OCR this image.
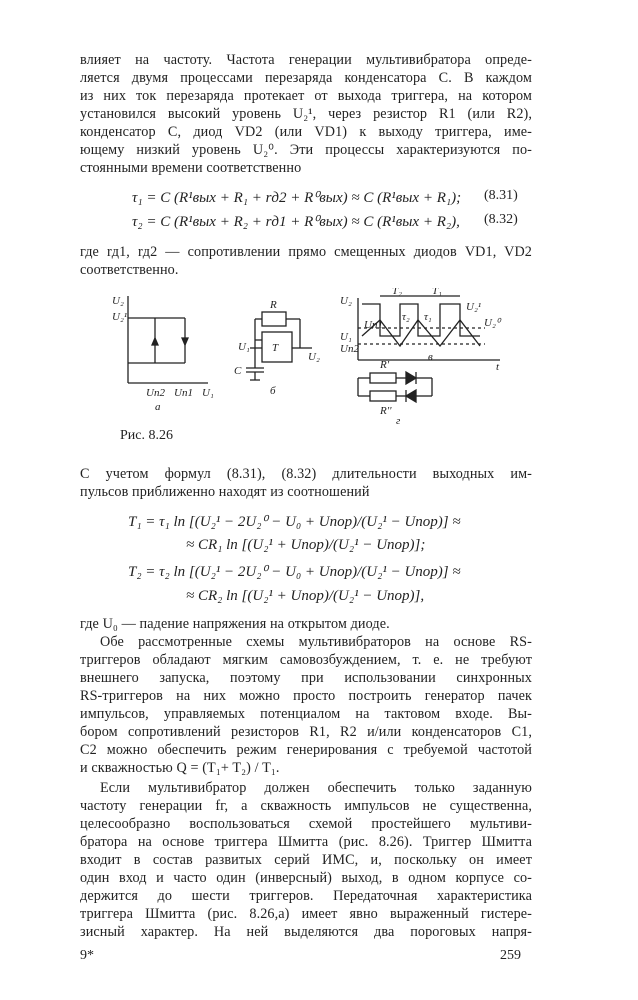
влияет на частоту. Частота генерации мультивибратора опреде-
ляется двумя процессами перезаряда конденсатора C. В каждом
из них ток перезаряда протекает от выхода триггера, на котором
установился высокий уровень U₂¹, через резистор R1 (или R2),
конденсатор C, диод VD2 (или VD1) к выходу триггера, име-
ющему низкий уровень U₂⁰. Эти процессы характеризуются по-
стоянными времени соответственно
τ₁ = C (R¹вых + R₁ + rд2 + R⁰вых) ≈ C (R¹вых + R₁); (8.31)
τ₂ = C (R¹вых + R₂ + rд1 + R⁰вых) ≈ C (R¹вых + R₂), (8.32)
где rд1, rд2 — сопротивлении прямо смещенных диодов VD1, VD2
соответственно.
U₂
U₂¹
Uп2 Uп1 U₁
а
R
T
U₁
U₂
C
б
U₂
T₂	T₁
Uп1
U₁
Uп2
τ₂ τ₁
U₂¹
U₂⁰
t
в
R'
R''
г
Рис. 8.26
С учетом формул (8.31), (8.32) длительности выходных им-
пульсов приближенно находят из соотношений
T₁ = τ₁ ln [(U₂¹ − 2U₂⁰ − U₀ + Uпор)/(U₂¹ − Uпор)] ≈
≈ CR₁ ln [(U₂¹ + Uпор)/(U₂¹ − Uпор)];
T₂ = τ₂ ln [(U₂¹ − 2U₂⁰ − U₀ + Uпор)/(U₂¹ − Uпор)] ≈
≈ CR₂ ln [(U₂¹ + Uпор)/(U₂¹ − Uпор)],
где U₀ — падение напряжения на открытом диоде.
Обе рассмотренные схемы мультивибраторов на основе RS-
триггеров обладают мягким самовозбуждением, т. е. не требуют
внешнего запуска, поэтому при использовании синхронных
RS-триггеров на них можно просто построить генератор пачек
импульсов, управляемых потенциалом на тактовом входе. Вы-
бором сопротивлений резисторов R1, R2 и/или конденсаторов C1,
C2 можно обеспечить режим генерирования с требуемой частотой
и скважностью Q = (T₁+ T₂) / T₁.
Если мультивибратор должен обеспечить только заданную
частоту генерации fг, а скважность импульсов не существенна,
целесообразно воспользоваться схемой простейшего мультиви-
братора на основе триггера Шмитта (рис. 8.26). Триггер Шмитта
входит в состав развитых серий ИМС, и, поскольку он имеет
один вход и часто один (инверсный) выход, в одном корпусе со-
держится до шести триггеров. Передаточная характеристика
триггера Шмитта (рис. 8.26,а) имеет явно выраженный гистере-
зисный характер. На ней выделяются два пороговых напря-
9*	259
